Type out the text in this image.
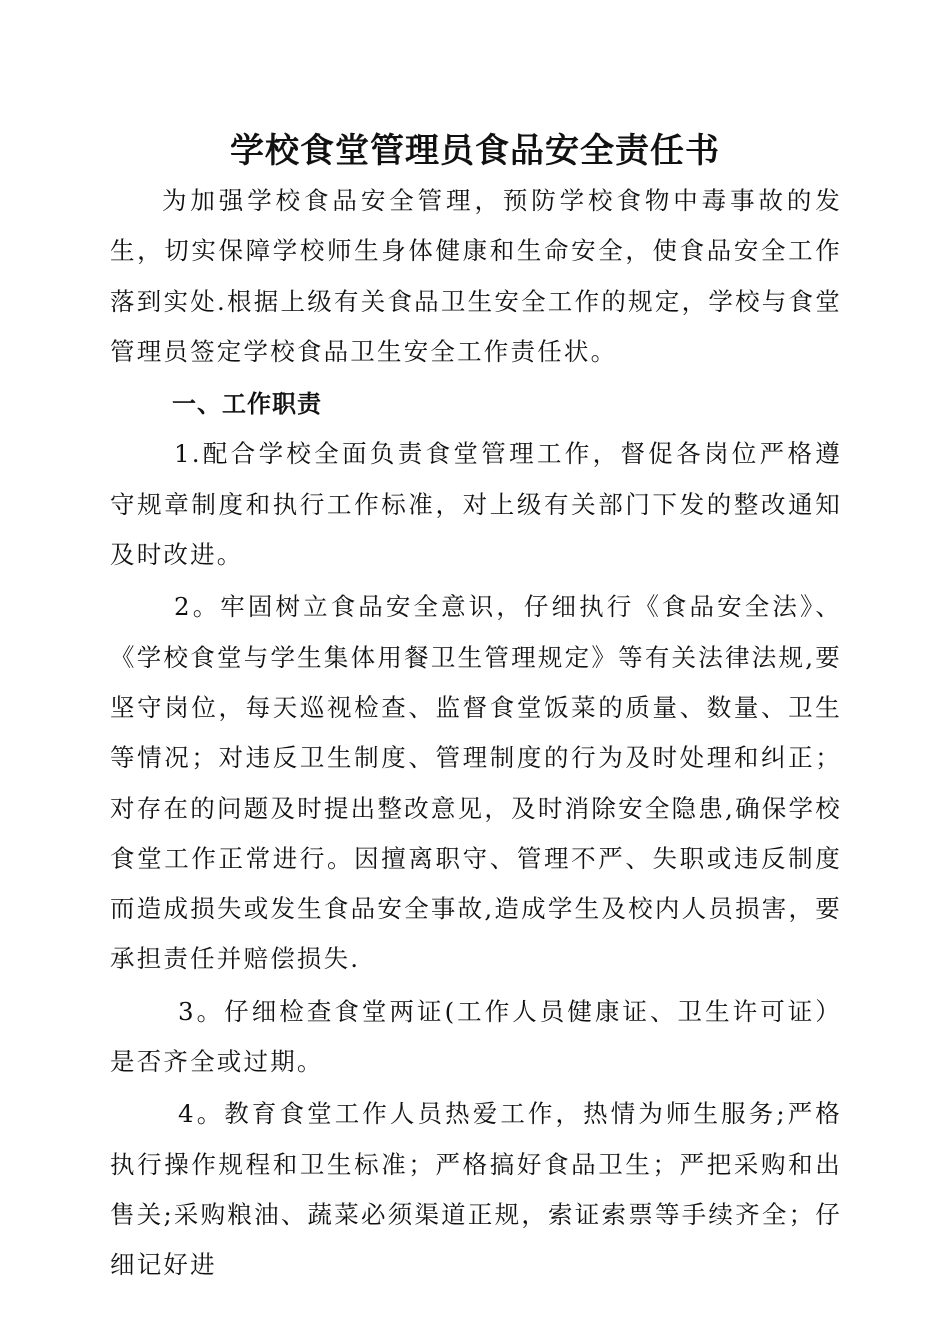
学校食堂管理员食品安全责任书

为加强学校食品安全管理，预防学校食物中毒事故的发生，切实保障学校师生身体健康和生命安全，使食品安全工作落到实处.根据上级有关食品卫生安全工作的规定，学校与食堂管理员签定学校食品卫生安全工作责任状。

一、工作职责

1.配合学校全面负责食堂管理工作，督促各岗位严格遵守规章制度和执行工作标准，对上级有关部门下发的整改通知及时改进。

2。牢固树立食品安全意识，仔细执行《食品安全法》、《学校食堂与学生集体用餐卫生管理规定》等有关法律法规,要坚守岗位，每天巡视检查、监督食堂饭菜的质量、数量、卫生等情况；对违反卫生制度、管理制度的行为及时处理和纠正；对存在的问题及时提出整改意见，及时消除安全隐患,确保学校食堂工作正常进行。因擅离职守、管理不严、失职或违反制度而造成损失或发生食品安全事故,造成学生及校内人员损害，要承担责任并赔偿损失.

3。仔细检查食堂两证(工作人员健康证、卫生许可证）是否齐全或过期。

4。教育食堂工作人员热爱工作，热情为师生服务;严格执行操作规程和卫生标准；严格搞好食品卫生；严把采购和出售关;采购粮油、蔬菜必须渠道正规，索证索票等手续齐全；仔细记好进
